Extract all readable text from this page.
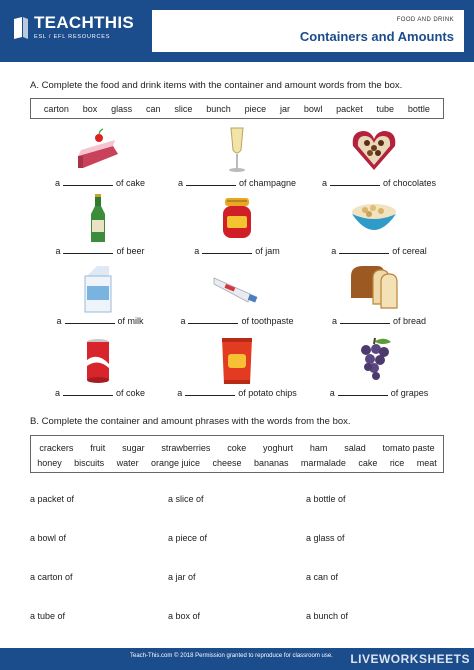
TEACHTHIS
ESL / EFL RESOURCES
FOOD AND DRINK
Containers and Amounts
A. Complete the food and drink items with the container and amount words from the box.
carton box glass can slice bunch piece jar bowl packet tube bottle
a	of cake	a	of champagne	a	of chocolates
a	of beer	a	of jam	a	of cereal
a	of milk	a	of toothpaste	a	of bread
a	of coke	a	of potato chips	a	of grapes
B. Complete the container and amount phrases with the words from the box.
crackers fruit sugar strawberries coke yoghurt ham salad tomato paste
honey biscuits water orange juice cheese bananas marmalade cake rice meat
a packet of	a slice of	a bottle of
a bowl of	a piece of	a glass of
a carton of	a jar of	a can of
a tube of	a box of	a bunch of
Teach-This.com © 2018 Permission granted to reproduce for classroom use. LIVEWORKSHEETS
